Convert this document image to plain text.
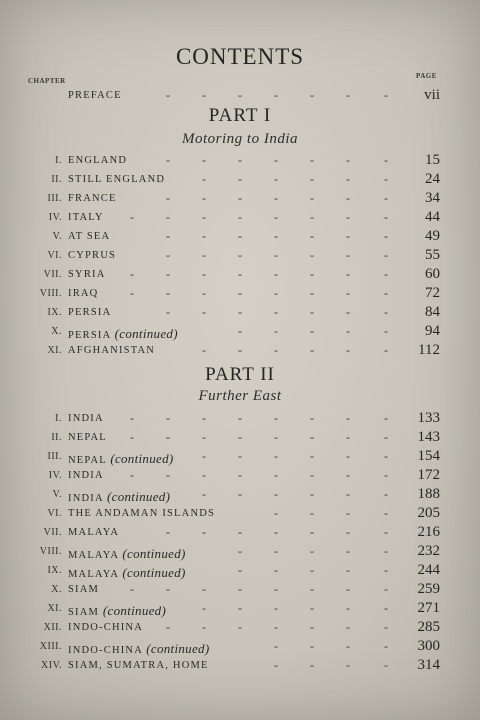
CONTENTS
CHAPTER
PAGE
PREFACE	vii
-	-	-	-	-	-	-
PART I
Motoring to India
I. ENGLAND	15
-	-	-	-	-	-	-
II. STILL ENGLAND	24
-	-	-	-	-	-
III. FRANCE	34
-	-	-	-	-	-	-
IV. ITALY	44
-	-	-	-	-	-	-	-
V. AT SEA	49
-	-	-	-	-	-	-
VI. CYPRUS	55
-	-	-	-	-	-	-
VII. SYRIA	60
-	-	-	-	-	-	-	-
VIII. IRAQ	72
-	-	-	-	-	-	-	-
IX. PERSIA	84
-	-	-	-	-	-	-
X. PERSIA (continued)	94
-	-	-	-	-
XI. AFGHANISTAN	112
-	-	-	-	-	-
PART II
Further East
I. INDIA	133
-	-	-	-	-	-	-	-
II. NEPAL	143
-	-	-	-	-	-	-	-
III. NEPAL (continued)	154
-	-	-	-	-	-
IV. INDIA	172
-	-	-	-	-	-	-	-
V. INDIA (continued)	188
-	-	-	-	-	-
VI. THE ANDAMAN ISLANDS	205
-	-	-	-
VII. MALAYA	216
-	-	-	-	-	-	-
VIII. MALAYA (continued)	232
-	-	-	-	-
IX. MALAYA (continued)	244
-	-	-	-	-
X. SIAM	259
-	-	-	-	-	-	-	-
XI. SIAM (continued)	271
-	-	-	-	-	-
XII. INDO-CHINA	285
-	-	-	-	-	-	-
XIII. INDO-CHINA (continued)	300
-	-	-	-
XIV. SIAM, SUMATRA, HOME	314
-	-	-	-
